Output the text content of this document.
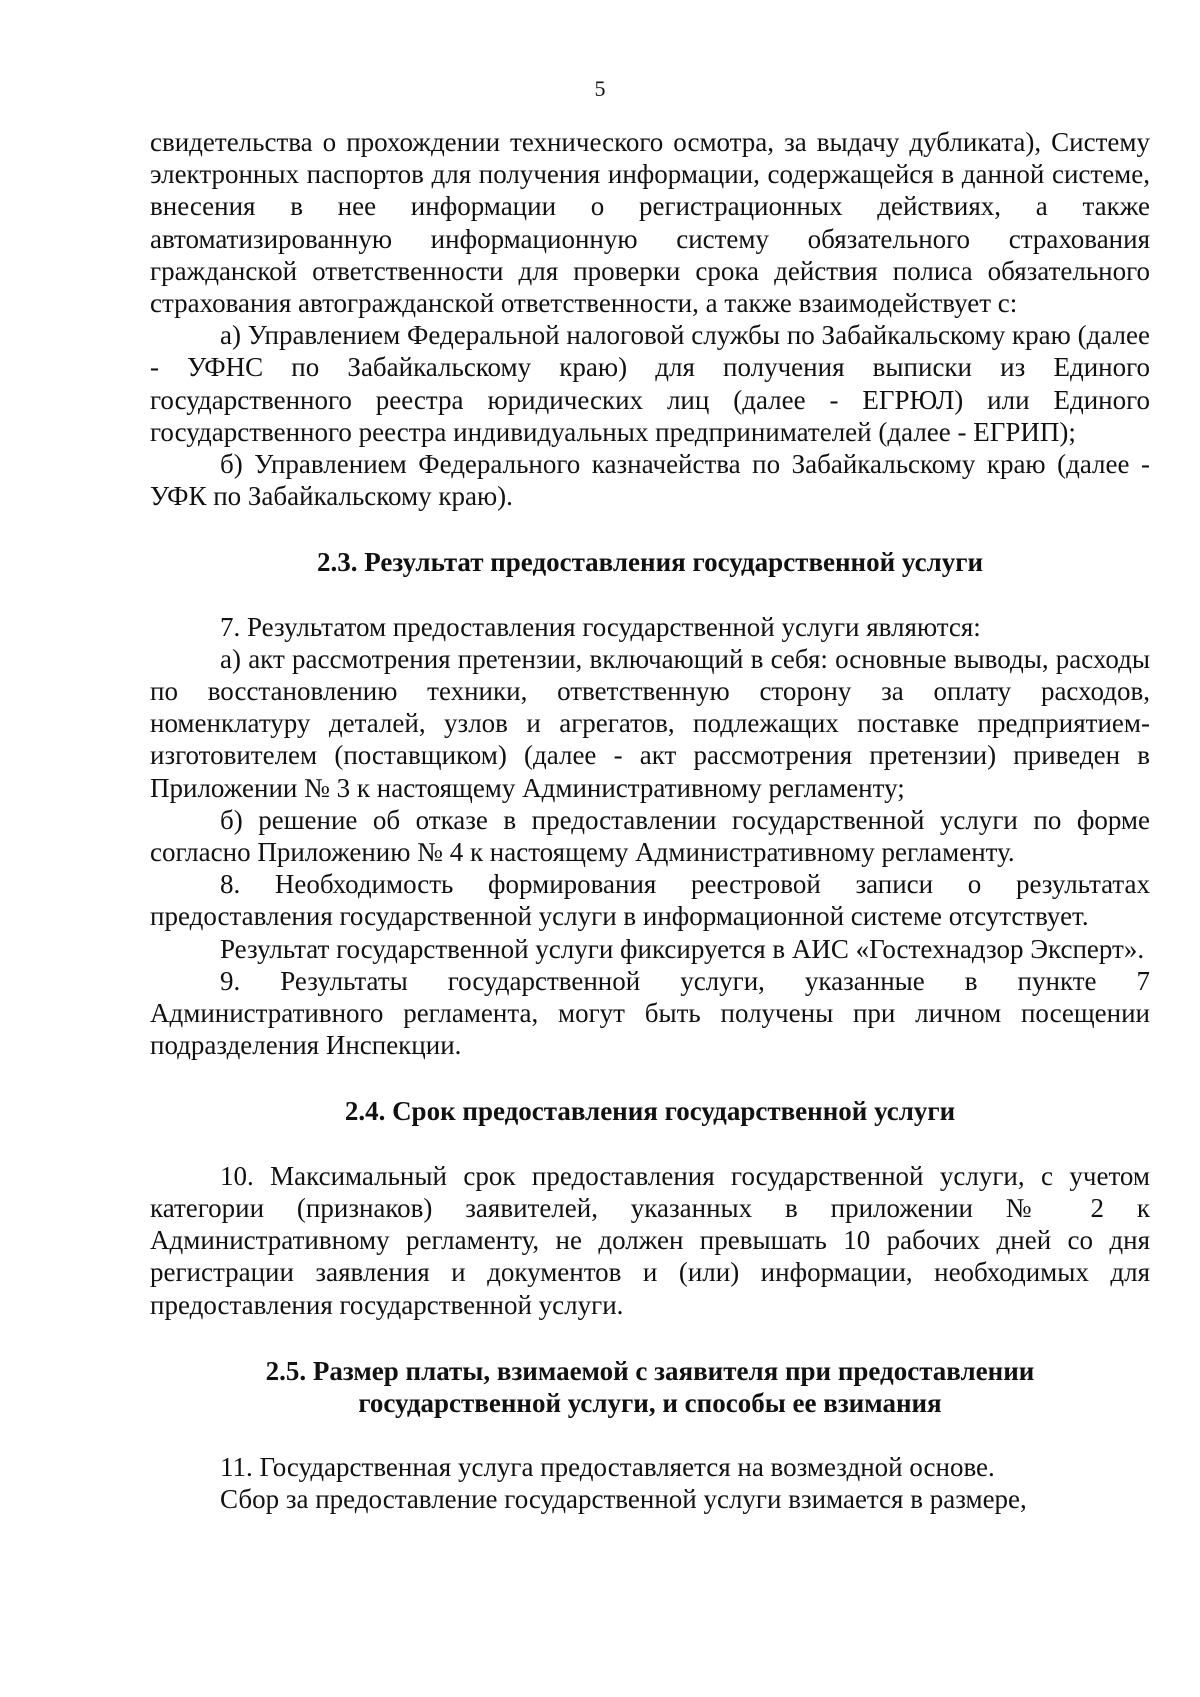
5

свидетельства о прохождении технического осмотра, за выдачу дубликата), Систему электронных паспортов для получения информации, содержащейся в данной системе, внесения в нее информации о регистрационных действиях, а также автоматизированную информационную систему обязательного страхования гражданской ответственности для проверки срока действия полиса обязательного страхования автогражданской ответственности, а также взаимодействует с:

а) Управлением Федеральной налоговой службы по Забайкальскому краю (далее - УФНС по Забайкальскому краю) для получения выписки из Единого государственного реестра юридических лиц (далее - ЕГРЮЛ) или Единого государственного реестра индивидуальных предпринимателей (далее - ЕГРИП);

б) Управлением Федерального казначейства по Забайкальскому краю (далее - УФК по Забайкальскому краю).

2.3. Результат предоставления государственной услуги

7. Результатом предоставления государственной услуги являются:

а) акт рассмотрения претензии, включающий в себя: основные выводы, расходы по восстановлению техники, ответственную сторону за оплату расходов, номенклатуру деталей, узлов и агрегатов, подлежащих поставке предприятием-изготовителем (поставщиком) (далее - акт рассмотрения претензии) приведен в Приложении № 3 к настоящему Административному регламенту;

б) решение об отказе в предоставлении государственной услуги по форме согласно Приложению № 4 к настоящему Административному регламенту.

8. Необходимость формирования реестровой записи о результатах предоставления государственной услуги в информационной системе отсутствует.

Результат государственной услуги фиксируется в АИС «Гостехнадзор Эксперт».

9. Результаты государственной услуги, указанные в пункте 7 Административного регламента, могут быть получены при личном посещении подразделения Инспекции.

2.4. Срок предоставления государственной услуги

10. Максимальный срок предоставления государственной услуги, с учетом категории (признаков) заявителей, указанных в приложении № 2 к Административному регламенту, не должен превышать 10 рабочих дней со дня регистрации заявления и документов и (или) информации, необходимых для предоставления государственной услуги.

2.5. Размер платы, взимаемой с заявителя при предоставлении
государственной услуги, и способы ее взимания

11. Государственная услуга предоставляется на возмездной основе.

Сбор за предоставление государственной услуги взимается в размере,
